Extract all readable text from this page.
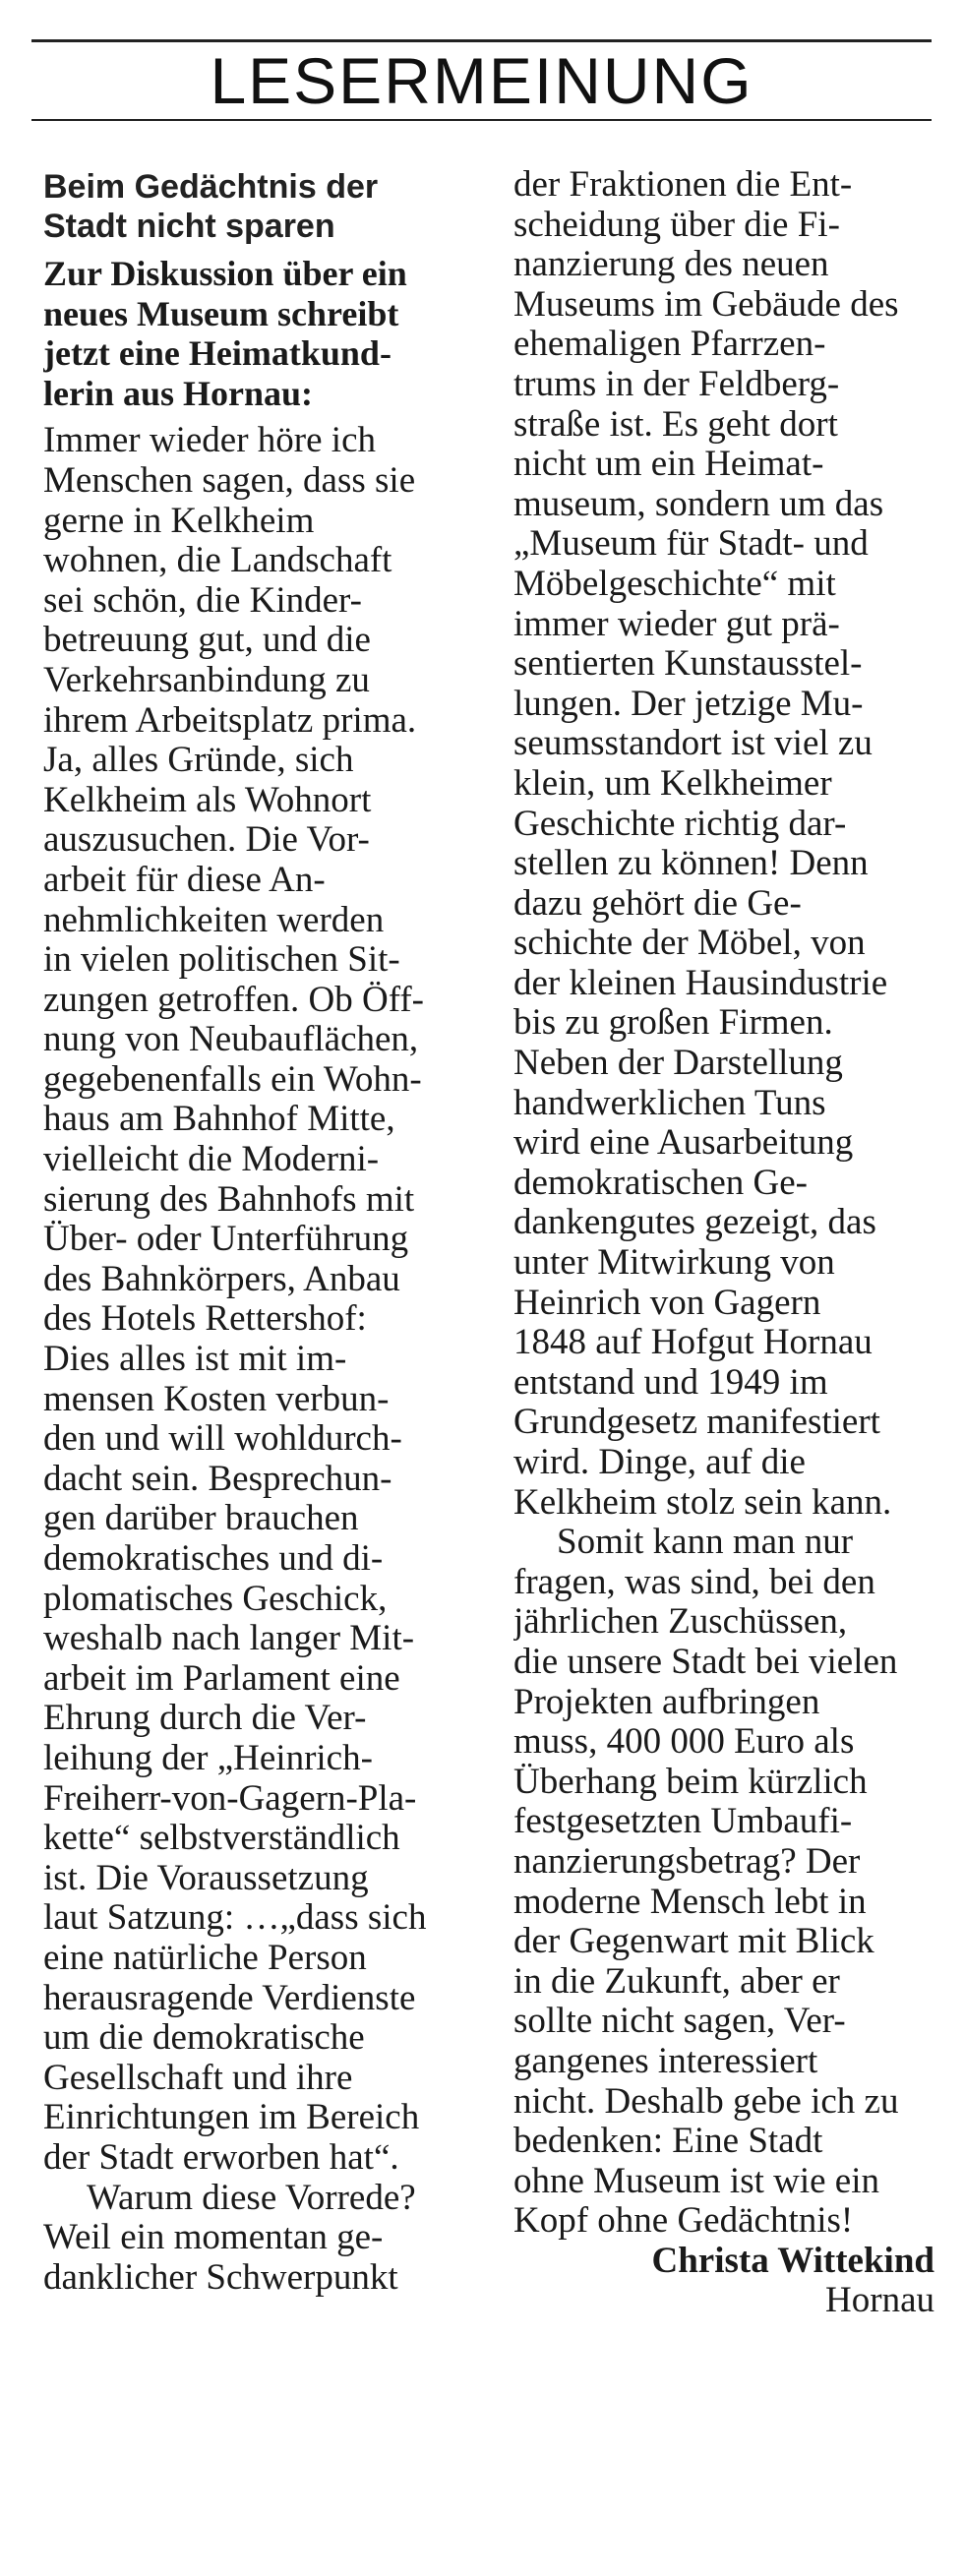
LESERMEINUNG
Beim Gedächtnis der
Stadt nicht sparen
Zur Diskussion über ein
neues Museum schreibt
jetzt eine Heimatkund-
lerin aus Hornau:
Immer wieder höre ich
Menschen sagen, dass sie
gerne in Kelkheim
wohnen, die Landschaft
sei schön, die Kinder-
betreuung gut, und die
Verkehrsanbindung zu
ihrem Arbeitsplatz prima.
Ja, alles Gründe, sich
Kelkheim als Wohnort
auszusuchen. Die Vor-
arbeit für diese An-
nehmlichkeiten werden
in vielen politischen Sit-
zungen getroffen. Ob Öff-
nung von Neubauflächen,
gegebenenfalls ein Wohn-
haus am Bahnhof Mitte,
vielleicht die Moderni-
sierung des Bahnhofs mit
Über- oder Unterführung
des Bahnkörpers, Anbau
des Hotels Rettershof:
Dies alles ist mit im-
mensen Kosten verbun-
den und will wohldurch-
dacht sein. Besprechun-
gen darüber brauchen
demokratisches und di-
plomatisches Geschick,
weshalb nach langer Mit-
arbeit im Parlament eine
Ehrung durch die Ver-
leihung der „Heinrich-
Freiherr-von-Gagern-Pla-
kette“ selbstverständlich
ist. Die Voraussetzung
laut Satzung: …„dass sich
eine natürliche Person
herausragende Verdienste
um die demokratische
Gesellschaft und ihre
Einrichtungen im Bereich
der Stadt erworben hat“.
Warum diese Vorrede?
Weil ein momentan ge-
danklicher Schwerpunkt
der Fraktionen die Ent-
scheidung über die Fi-
nanzierung des neuen
Museums im Gebäude des
ehemaligen Pfarrzen-
trums in der Feldberg-
straße ist. Es geht dort
nicht um ein Heimat-
museum, sondern um das
„Museum für Stadt- und
Möbelgeschichte“ mit
immer wieder gut prä-
sentierten Kunstausstel-
lungen. Der jetzige Mu-
seumsstandort ist viel zu
klein, um Kelkheimer
Geschichte richtig dar-
stellen zu können! Denn
dazu gehört die Ge-
schichte der Möbel, von
der kleinen Hausindustrie
bis zu großen Firmen.
Neben der Darstellung
handwerklichen Tuns
wird eine Ausarbeitung
demokratischen Ge-
dankengutes gezeigt, das
unter Mitwirkung von
Heinrich von Gagern
1848 auf Hofgut Hornau
entstand und 1949 im
Grundgesetz manifestiert
wird. Dinge, auf die
Kelkheim stolz sein kann.
Somit kann man nur
fragen, was sind, bei den
jährlichen Zuschüssen,
die unsere Stadt bei vielen
Projekten aufbringen
muss, 400 000 Euro als
Überhang beim kürzlich
festgesetzten Umbaufi-
nanzierungsbetrag? Der
moderne Mensch lebt in
der Gegenwart mit Blick
in die Zukunft, aber er
sollte nicht sagen, Ver-
gangenes interessiert
nicht. Deshalb gebe ich zu
bedenken: Eine Stadt
ohne Museum ist wie ein
Kopf ohne Gedächtnis!
Christa Wittekind
Hornau
